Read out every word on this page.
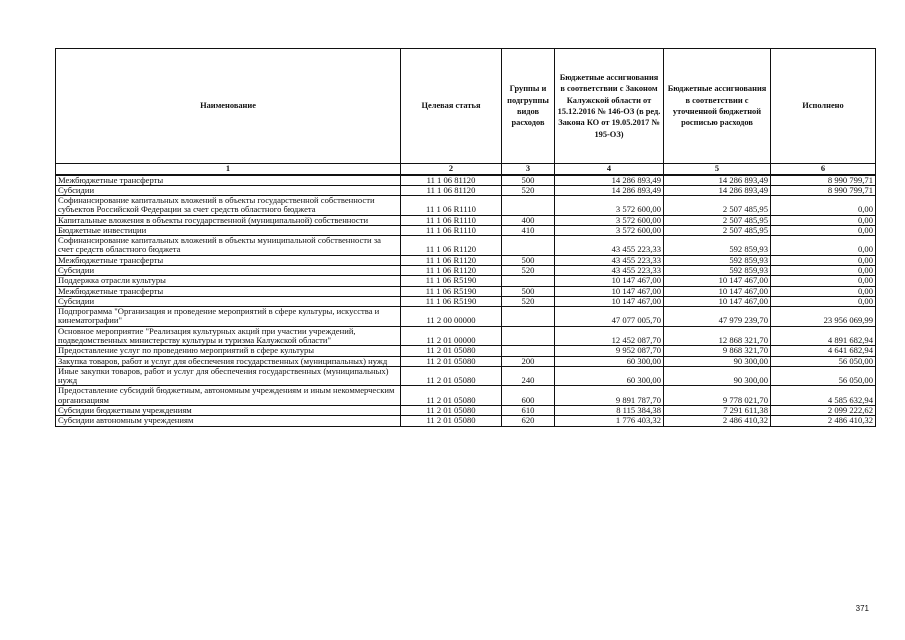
Наименование	Целевая статья	Группы и подгруппы видов расходов	Бюджетные ассигнования в соответствии с Законом Калужской области от 15.12.2016 № 146-ОЗ (в ред. Закона КО от 19.05.2017 № 195-ОЗ)	Бюджетные ассигнования в соответствии с уточненной бюджетной росписью расходов	Исполнено
1	2	3	4	5	6
Межбюджетные трансферты	11 1 06 81120	500	14 286 893,49	14 286 893,49	8 990 799,71
Субсидии	11 1 06 81120	520	14 286 893,49	14 286 893,49	8 990 799,71
Софинансирование капитальных вложений в объекты государственной собственности субъектов Российской Федерации за счет средств областного бюджета	11 1 06 R1110		3 572 600,00	2 507 485,95	0,00
Капитальные вложения в объекты государственной (муниципальной) собственности	11 1 06 R1110	400	3 572 600,00	2 507 485,95	0,00
Бюджетные инвестиции	11 1 06 R1110	410	3 572 600,00	2 507 485,95	0,00
Софинансирование капитальных вложений в объекты муниципальной собственности за счет средств областного бюджета	11 1 06 R1120		43 455 223,33	592 859,93	0,00
Межбюджетные трансферты	11 1 06 R1120	500	43 455 223,33	592 859,93	0,00
Субсидии	11 1 06 R1120	520	43 455 223,33	592 859,93	0,00
Поддержка отрасли культуры	11 1 06 R5190		10 147 467,00	10 147 467,00	0,00
Межбюджетные трансферты	11 1 06 R5190	500	10 147 467,00	10 147 467,00	0,00
Субсидии	11 1 06 R5190	520	10 147 467,00	10 147 467,00	0,00
Подпрограмма "Организация и проведение мероприятий в сфере культуры, искусства и кинематографии"	11 2 00 00000		47 077 005,70	47 979 239,70	23 956 069,99
Основное мероприятие "Реализация культурных акций при участии учреждений, подведомственных министерству культуры и туризма Калужской области"	11 2 01 00000		12 452 087,70	12 868 321,70	4 891 682,94
Предоставление услуг по проведению мероприятий в сфере культуры	11 2 01 05080		9 952 087,70	9 868 321,70	4 641 682,94
Закупка товаров, работ и услуг для обеспечения государственных (муниципальных) нужд	11 2 01 05080	200	60 300,00	90 300,00	56 050,00
Иные закупки товаров, работ и услуг для обеспечения государственных (муниципальных) нужд	11 2 01 05080	240	60 300,00	90 300,00	56 050,00
Предоставление субсидий бюджетным, автономным учреждениям и иным некоммерческим организациям	11 2 01 05080	600	9 891 787,70	9 778 021,70	4 585 632,94
Субсидии бюджетным учреждениям	11 2 01 05080	610	8 115 384,38	7 291 611,38	2 099 222,62
Субсидии автономным учреждениям	11 2 01 05080	620	1 776 403,32	2 486 410,32	2 486 410,32
371
